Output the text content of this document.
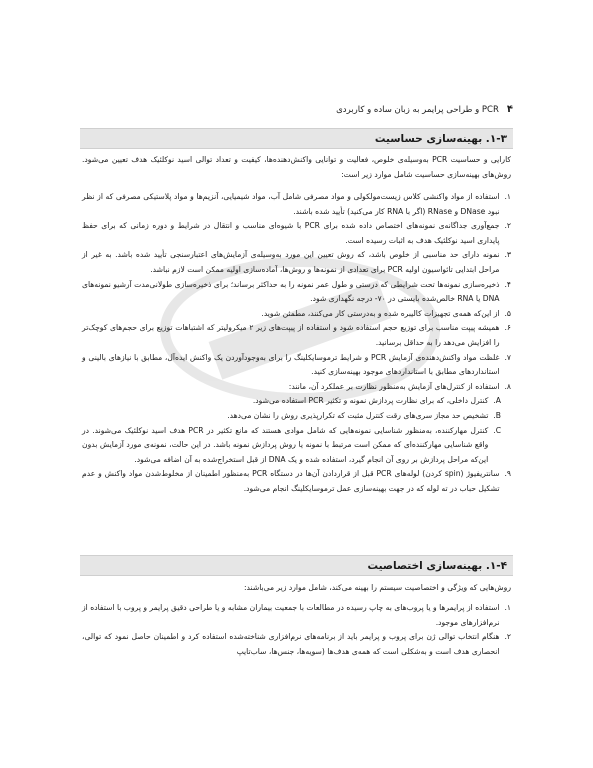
۴
PCR و طراحی پرایمر به زبان ساده و کاربردی
۱-۳. بهینه‌سازی حساسیت
کارایی و حساسیت PCR به‌وسیله‌ی خلوص، فعالیت و توانایی واکنش‌دهنده‌ها، کیفیت و تعداد توالی اسید نوکلئیک هدف تعیین می‌شود. روش‌های بهینه‌سازی حساسیت شامل موارد زیر است:
۱.
استفاده از مواد واکنشی کلاس زیست‌مولکولی و مواد مصرفی شامل آب، مواد شیمیایی، آنزیم‌ها و مواد پلاستیکی مصرفی که از نظر نبود DNase و RNase (اگر با RNA کار می‌کنید) تأیید شده باشند.
۲.
جمع‌آوری جداگانه‌ی نمونه‌های اختصاص داده شده برای PCR با شیوه‌ای مناسب و انتقال در شرایط و دوره زمانی که برای حفظ پایداری اسید نوکلئیک هدف به اثبات رسیده است.
۳.
نمونه دارای حد مناسبی از خلوص باشد، که روش تعیین این مورد به‌وسیله‌ی آزمایش‌های اعتبارسنجی تأیید شده باشد. به غیر از مراحل ابتدایی تائواسیون اولیه PCR برای تعدادی از نمونه‌ها و روش‌ها، آماده‌سازی اولیه ممکن است لازم نباشد.
۴.
ذخیره‌سازی نمونه‌ها تحت شرایطی که درستی و طول عمر نمونه را به حداکثر برساند؛ برای ذخیره‌سازی طولانی‌مدت آرشیو نمونه‌های DNA یا RNA خالص‌شده بایستی در ۷۰- درجه نگهداری شود.
۵.
از این‌که همه‌ی تجهیزات کالیبره شده و به‌درستی کار می‌کنند، مطمئن شوید.
۶.
همیشه پیپت مناسب برای توزیع حجم استفاده شود و استفاده از پیپت‌های زیر ۲ میکرولیتر که اشتباهات توزیع برای حجم‌های کوچک‌تر را افزایش می‌دهد را به حداقل برسانید.
۷.
غلظت مواد واکنش‌دهنده‌ی آزمایش PCR و شرایط ترموسایکلینگ را برای به‌وجودآوردن یک واکنش ایده‌آل، مطابق با نیازهای بالینی و استانداردهای مطابق با استانداردهای موجود بهینه‌سازی کنید.
۸.
استفاده از کنترل‌های آزمایش به‌منظور نظارت بر عملکرد آن، مانند:
A.
کنترل داخلی، که برای نظارت پردازش نمونه و تکثیر PCR استفاده می‌شود.
B.
تشخیص حد مجاز سری‌های رقت کنترل مثبت که تکرارپذیری روش را نشان می‌دهد.
C.
کنترل مهارکننده، به‌منظور شناسایی نمونه‌هایی که شامل موادی هستند که مانع تکثیر در PCR هدف اسید نوکلئیک می‌شوند. در واقع شناسایی مهارکننده‌ای که ممکن است مرتبط با نمونه یا روش پردازش نمونه باشد. در این حالت، نمونه‌ی مورد آزمایش بدون این‌که مراحل پردازش بر روی آن انجام گیرد، استفاده شده و یک DNA از قبل استخراج‌شده به آن اضافه می‌شود.
۹.
سانتریفیوژ (spin کردن) لوله‌های PCR قبل از قراردادن آن‌ها در دستگاه PCR به‌منظور اطمینان از مخلوط‌شدن مواد واکنش و عدم تشکیل حباب در ته لوله که در جهت بهینه‌سازی عمل ترموسایکلینگ انجام می‌شود.
۱-۴. بهینه‌سازی اختصاصیت
روش‌هایی که ویژگی و اختصاصیت سیستم را بهینه می‌کند، شامل موارد زیر می‌باشند:
۱.
استفاده از پرایمرها و یا پروب‌های به چاپ رسیده در مطالعات با جمعیت بیماران مشابه و یا طراحی دقیق پرایمر و پروب با استفاده از نرم‌افزارهای موجود.
۲.
هنگام انتخاب توالی ژن برای پروب و پرایمر باید از برنامه‌های نرم‌افزاری شناخته‌شده استفاده کرد و اطمینان حاصل نمود که توالی، انحصاری هدف است و به‌شکلی است که همه‌ی هدف‌ها (سویه‌ها، جنس‌ها، ساب‌تایپ
